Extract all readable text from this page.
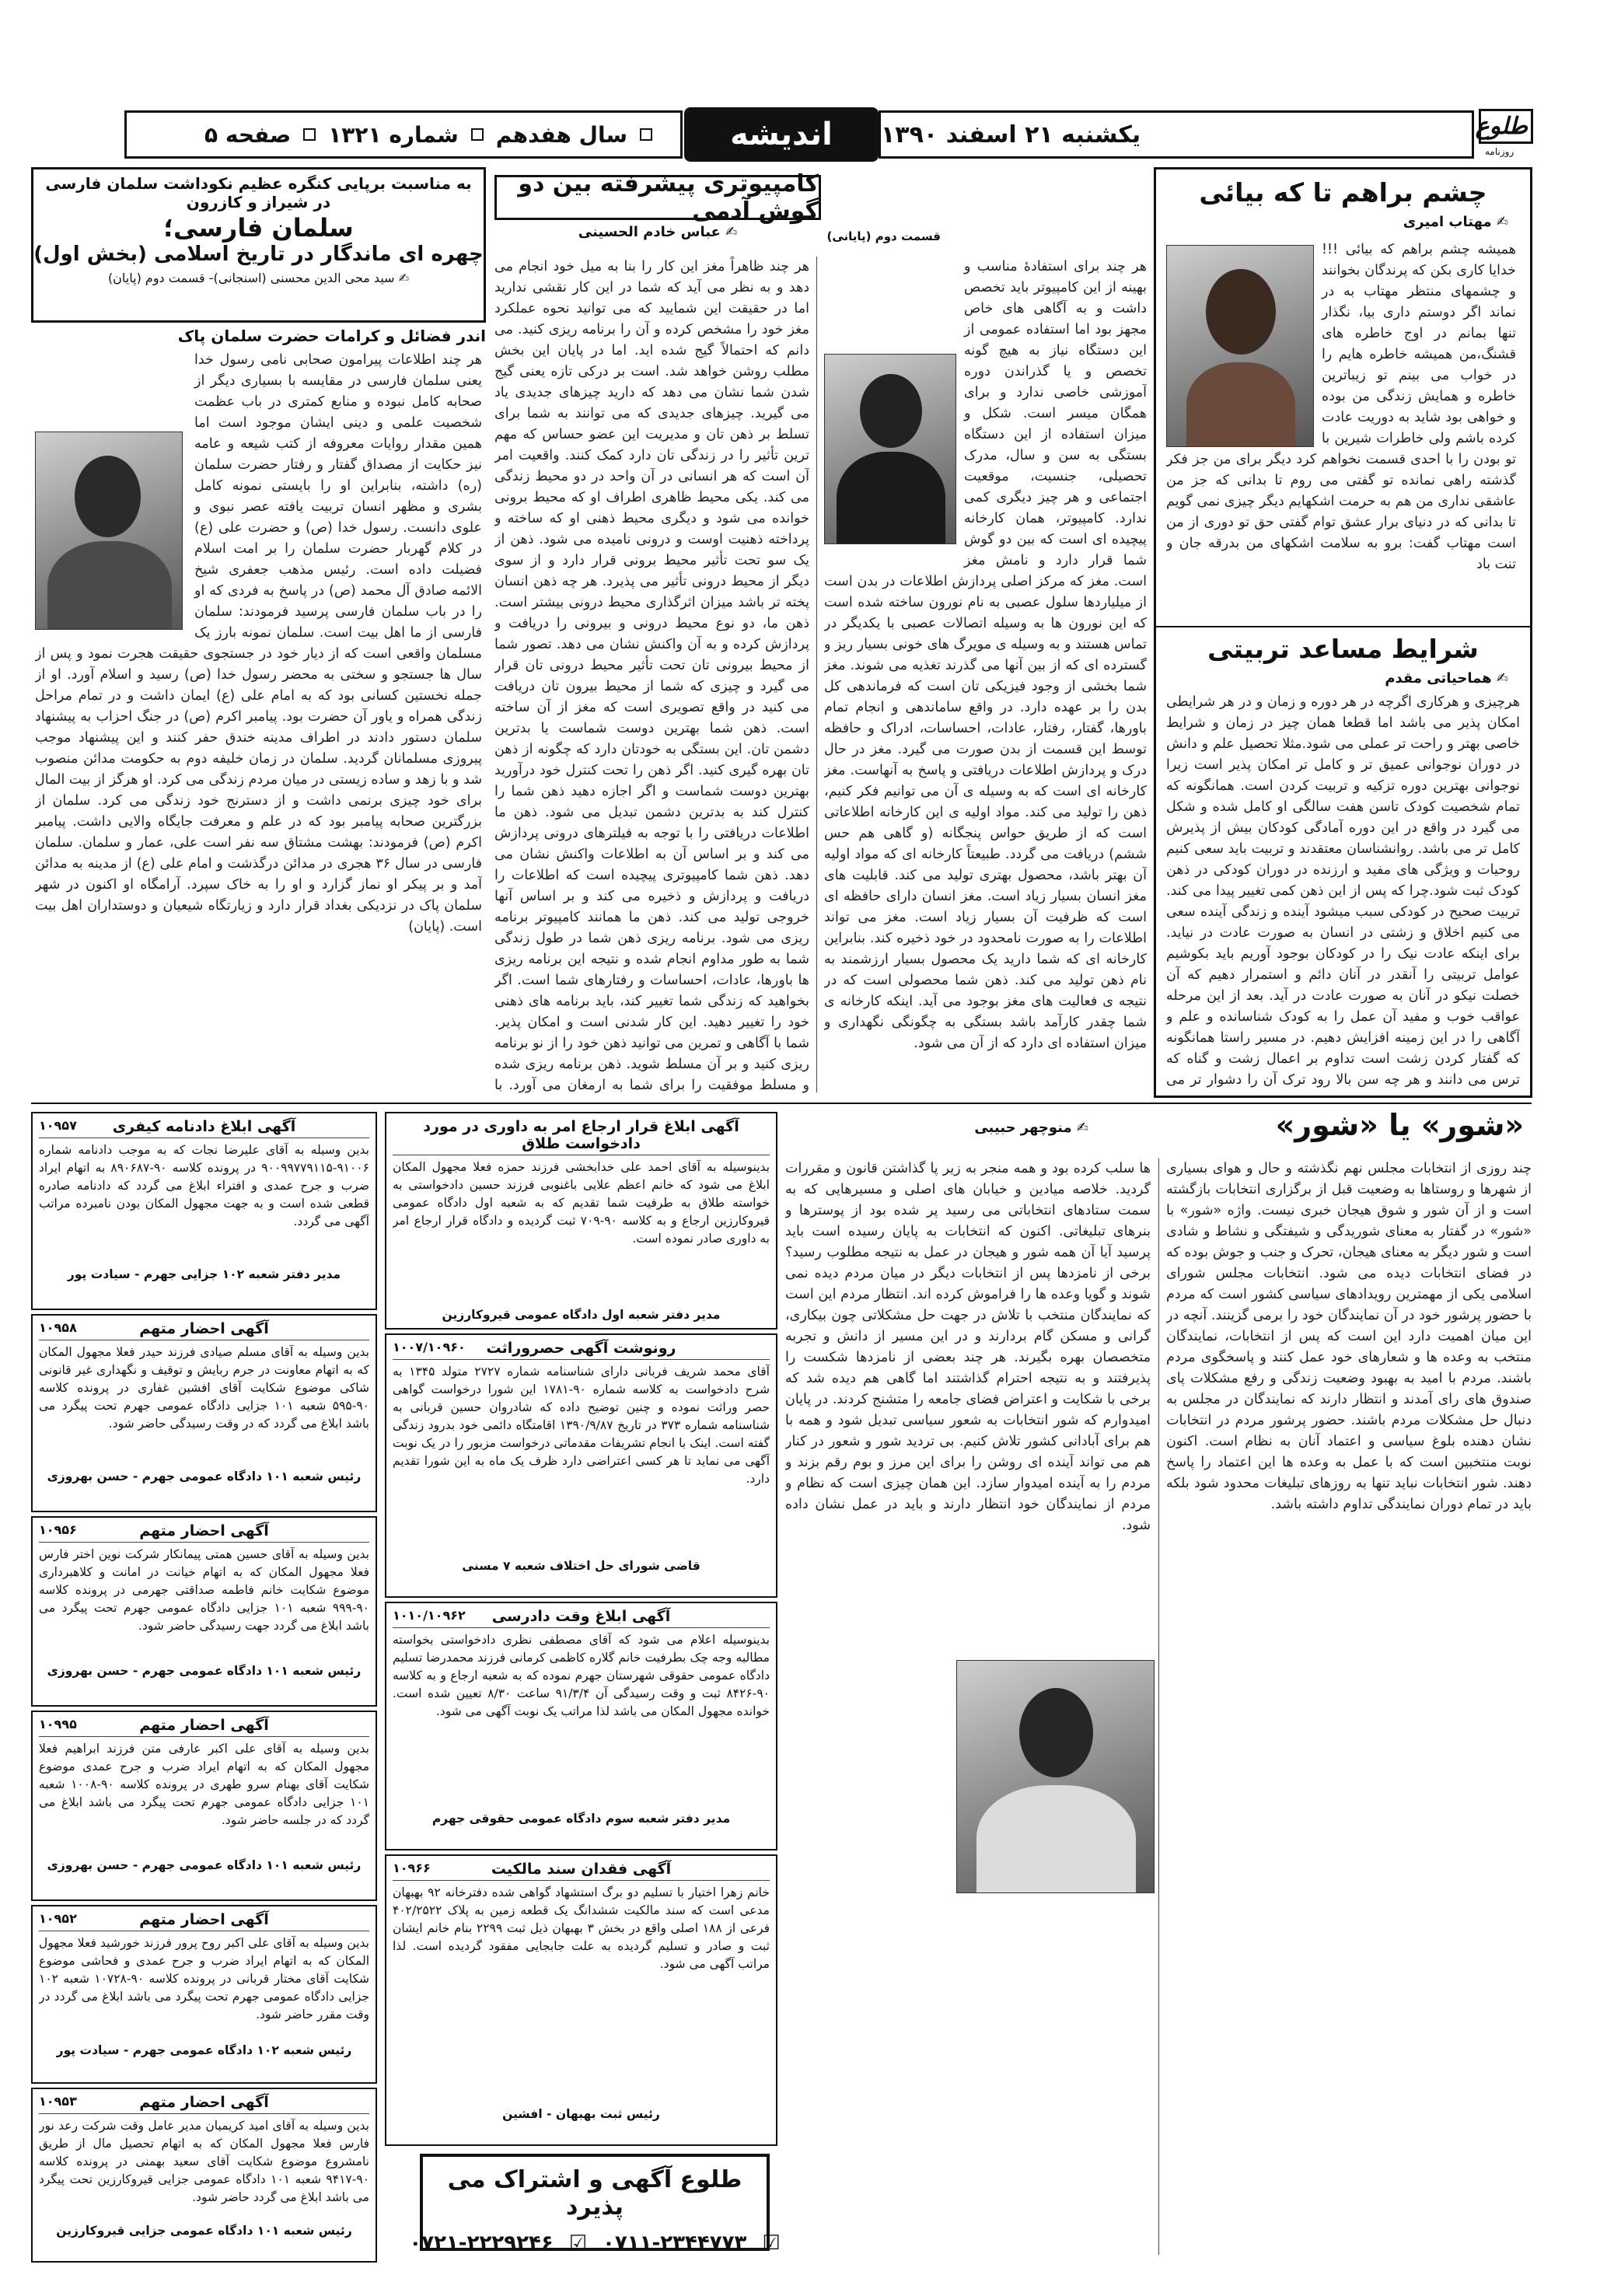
طلوع
روزنامه
یکشنبه ۲۱ اسفند ۱۳۹۰
اندیشه
سال هفدهم
شماره ۱۳۲۱
صفحه ۵
چشم براهم تا که بیائی
✍ مهتاب امیری
همیشه چشم براهم که بیائی !!! خدایا کاری بکن که پرندگان بخوانند و چشمهای منتظر مهتاب به در نماند اگر دوستم داری بیا، نگذار تنها بمانم در اوج خاطره های قشنگ،من همیشه خاطره هایم را در خواب می بینم تو زیباترین خاطره و همایش زندگی من بوده و خواهی بود شاید به دوریت عادت کرده باشم ولی خاطرات شیرین با تو بودن را با احدی قسمت نخواهم کرد دیگر برای من جز فکر گذشته راهی نمانده تو گفتی می روم تا بدانی که جز من عاشقی نداری من هم به حرمت اشکهایم دیگر چیزی نمی گویم تا بدانی که در دنیای برار عشق توام گفتی حق تو دوری از من است مهتاب گفت: برو به سلامت اشکهای من بدرقه جان و تنت باد
شرایط مساعد تربیتی
✍ هماحیاتی مقدم
هرچیزی و هرکاری اگرچه در هر دوره و زمان و در هر شرایطی امکان پذیر می باشد اما قطعا همان چیز در زمان و شرایط خاصی بهتر و راحت تر عملی می شود.مثلا تحصیل علم و دانش در دوران نوجوانی عمیق تر و کامل تر امکان پذیر است زیرا نوجوانی بهترین دوره تزکیه و تربیت کردن است. همانگونه که تمام شخصیت کودک تاسن هفت سالگی او کامل شده و شکل می گیرد در واقع در این دوره آمادگی کودکان بیش از پذیرش کامل تر می باشد. روانشناسان معتقدند و تربیت باید سعی کنیم روحیات و ویژگی های مفید و ارزنده در دوران کودکی در ذهن کودک ثبت شود.چرا که پس از این ذهن کمی تغییر پیدا می کند. تربیت صحیح در کودکی سبب میشود آینده و زندگی آینده سعی می کنیم اخلاق و زشتی در انسان به صورت عادت در نیاید. برای اینکه عادت نیک را در کودکان بوجود آوریم باید بکوشیم عوامل تربیتی را آنقدر در آنان دائم و استمرار دهیم که آن خصلت نیکو در آنان به صورت عادت در آید. بعد از این مرحله عواقب خوب و مفید آن عمل را به کودک شناسانده و علم و آگاهی را در این زمینه افزایش دهیم. در مسیر راستا همانگونه که گفتار کردن زشت است تداوم بر اعمال زشت و گناه که ترس می دانند و هر چه سن بالا رود ترک آن را دشوار تر می
کامپیوتری پیشرفته بین دو گوش آدمی
✍ عباس خادم الحسینی	قسمت دوم (پایانی)
هر چند برای استفادۀ مناسب و بهینه از این کامپیوتر باید تخصص داشت و به آگاهی های خاص مجهز بود اما استفاده عمومی از این دستگاه نیاز به هیچ گونه تخصص و یا گذراندن دوره آموزشی خاصی ندارد و برای همگان میسر است. شکل و میزان استفاده از این دستگاه بستگی به سن و سال، مدرک تحصیلی، جنسیت، موقعیت اجتماعی و هر چیز دیگری کمی ندارد. کامپیوتر، همان کارخانه پیچیده ای است که بین دو گوش شما قرار دارد و نامش مغز است. مغز که مرکز اصلی پردازش اطلاعات در بدن است از میلیاردها سلول عصبی به نام نورون ساخته شده است که این نورون ها به وسیله اتصالات عصبی با یکدیگر در تماس هستند و به وسیله ی مویرگ های خونی بسیار ریز و گسترده ای که از بین آنها می گذرند تغذیه می شوند. مغز شما بخشی از وجود فیزیکی تان است که فرماندهی کل بدن را بر عهده دارد. در واقع ساماندهی و انجام تمام باورها، گفتار، رفتار، عادات، احساسات، ادراک و حافظه توسط این قسمت از بدن صورت می گیرد. مغز در حال درک و پردازش اطلاعات دریافتی و پاسخ به آنهاست. مغز کارخانه ای است که به وسیله ی آن می توانیم فکر کنیم، ذهن را تولید می کند. مواد اولیه ی این کارخانه اطلاعاتی است که از طریق حواس پنجگانه (و گاهی هم حس ششم) دریافت می گردد. طبیعتاً کارخانه ای که مواد اولیه آن بهتر باشد، محصول بهتری تولید می کند. قابلیت های مغز انسان بسیار زیاد است. مغز انسان دارای حافظه ای است که ظرفیت آن بسیار زیاد است. مغز می تواند اطلاعات را به صورت نامحدود در خود ذخیره کند. بنابراین کارخانه ای که شما دارید یک محصول بسیار ارزشمند به نام ذهن تولید می کند. ذهن شما محصولی است که در نتیجه ی فعالیت های مغز بوجود می آید. اینکه کارخانه ی شما چقدر کارآمد باشد بستگی به چگونگی نگهداری و میزان استفاده ای دارد که از آن می شود.
هر چند ظاهراً مغز این کار را بنا به میل خود انجام می دهد و به نظر می آید که شما در این کار نقشی ندارید اما در حقیقت این شمایید که می توانید نحوه عملکرد مغز خود را مشخص کرده و آن را برنامه ریزی کنید. می دانم که احتمالاً گیج شده اید. اما در پایان این بخش مطلب روشن خواهد شد. است بر درکی تازه یعنی گیج شدن شما نشان می دهد که دارید چیزهای جدیدی یاد می گیرید. چیزهای جدیدی که می توانند به شما برای تسلط بر ذهن تان و مدیریت این عضو حساس که مهم ترین تأثیر را در زندگی تان دارد کمک کنند. واقعیت امر آن است که هر انسانی در آن واحد در دو محیط زندگی می کند. یکی محیط ظاهری اطراف او که محیط برونی خوانده می شود و دیگری محیط ذهنی او که ساخته و پرداخته ذهنیت اوست و درونی نامیده می شود. ذهن از یک سو تحت تأثیر محیط برونی قرار دارد و از سوی دیگر از محیط درونی تأثیر می پذیرد. هر چه ذهن انسان پخته تر باشد میزان اثرگذاری محیط درونی بیشتر است. ذهن ما، دو نوع محیط درونی و بیرونی را دریافت و پردازش کرده و به آن واکنش نشان می دهد. تصور شما از محیط بیرونی تان تحت تأثیر محیط درونی تان قرار می گیرد و چیزی که شما از محیط بیرون تان دریافت می کنید در واقع تصویری است که مغز از آن ساخته است. ذهن شما بهترین دوست شماست یا بدترین دشمن تان. این بستگی به خودتان دارد که چگونه از ذهن تان بهره گیری کنید. اگر ذهن را تحت کنترل خود درآورید بهترین دوست شماست و اگر اجازه دهید ذهن شما را کنترل کند به بدترین دشمن تبدیل می شود. ذهن ما اطلاعات دریافتی را با توجه به فیلترهای درونی پردازش می کند و بر اساس آن به اطلاعات واکنش نشان می دهد. ذهن شما کامپیوتری پیچیده است که اطلاعات را دریافت و پردازش و ذخیره می کند و بر اساس آنها خروجی تولید می کند. ذهن ما همانند کامپیوتر برنامه ریزی می شود. برنامه ریزی ذهن شما در طول زندگی شما به طور مداوم انجام شده و نتیجه این برنامه ریزی ها باورها، عادات، احساسات و رفتارهای شما است. اگر بخواهید که زندگی شما تغییر کند، باید برنامه های ذهنی خود را تغییر دهید. این کار شدنی است و امکان پذیر. شما با آگاهی و تمرین می توانید ذهن خود را از نو برنامه ریزی کنید و بر آن مسلط شوید. ذهن برنامه ریزی شده و مسلط موفقیت را برای شما به ارمغان می آورد. با
به مناسبت برپایی کنگره عظیم نکوداشت سلمان فارسی
در شیراز و کازرون
سلمان فارسی؛
چهره ای ماندگار در تاریخ اسلامی (بخش اول)
✍ سید محی الدین محسنی (اسنجانی)- قسمت دوم (پایان)
اندر فضائل و کرامات حضرت سلمان پاک
هر چند اطلاعات پیرامون صحابی نامی رسول خدا یعنی سلمان فارسی در مقایسه با بسیاری دیگر از صحابه کامل نبوده و منابع کمتری در باب عظمت شخصیت علمی و دینی ایشان موجود است اما همین مقدار روایات معروفه از کتب شیعه و عامه نیز حکایت از مصداق گفتار و رفتار حضرت سلمان (ره) داشته، بنابراین او را بایستی نمونه کامل بشری و مظهر انسان تربیت یافته عصر نبوی و علوی دانست. رسول خدا (ص) و حضرت علی (ع) در کلام گهربار حضرت سلمان را بر امت اسلام فضیلت داده است. رئیس مذهب جعفری شیخ الائمه صادق آل محمد (ص) در پاسخ به فردی که او را در باب سلمان فارسی پرسید فرمودند: سلمان فارسی از ما اهل بیت است. سلمان نمونه بارز یک مسلمان واقعی است که از دیار خود در جستجوی حقیقت هجرت نمود و پس از سال ها جستجو و سختی به محضر رسول خدا (ص) رسید و اسلام آورد. او از جمله نخستین کسانی بود که به امام علی (ع) ایمان داشت و در تمام مراحل زندگی همراه و یاور آن حضرت بود. پیامبر اکرم (ص) در جنگ احزاب به پیشنهاد سلمان دستور دادند در اطراف مدینه خندق حفر کنند و این پیشنهاد موجب پیروزی مسلمانان گردید. سلمان در زمان خلیفه دوم به حکومت مدائن منصوب شد و با زهد و ساده زیستی در میان مردم زندگی می کرد. او هرگز از بیت المال برای خود چیزی برنمی داشت و از دسترنج خود زندگی می کرد. سلمان از بزرگترین صحابه پیامبر بود که در علم و معرفت جایگاه والایی داشت. پیامبر اکرم (ص) فرمودند: بهشت مشتاق سه نفر است علی، عمار و سلمان. سلمان فارسی در سال ۳۶ هجری در مدائن درگذشت و امام علی (ع) از مدینه به مدائن آمد و بر پیکر او نماز گزارد و او را به خاک سپرد. آرامگاه او اکنون در شهر سلمان پاک در نزدیکی بغداد قرار دارد و زیارتگاه شیعیان و دوستداران اهل بیت است. (پایان)
«شور» یا «شور»
✍ منوچهر حبیبی
چند روزی از انتخابات مجلس نهم نگذشته و حال و هوای بسیاری از شهرها و روستاها به وضعیت قبل از برگزاری انتخابات بازگشته است و از آن شور و شوق هیجان خبری نیست. واژه «شور» با «شور» در گفتار به معنای شوریدگی و شیفتگی و نشاط و شادی است و شور دیگر به معنای هیجان، تحرک و جنب و جوش بوده که در فضای انتخابات دیده می شود. انتخابات مجلس شورای اسلامی یکی از مهمترین رویدادهای سیاسی کشور است که مردم با حضور پرشور خود در آن نمایندگان خود را برمی گزینند. آنچه در این میان اهمیت دارد این است که پس از انتخابات، نمایندگان منتخب به وعده ها و شعارهای خود عمل کنند و پاسخگوی مردم باشند. مردم با امید به بهبود وضعیت زندگی و رفع مشکلات پای صندوق های رای آمدند و انتظار دارند که نمایندگان در مجلس به دنبال حل مشکلات مردم باشند. حضور پرشور مردم در انتخابات نشان دهنده بلوغ سیاسی و اعتماد آنان به نظام است. اکنون نوبت منتخبین است که با عمل به وعده ها این اعتماد را پاسخ دهند. شور انتخابات نباید تنها به روزهای تبلیغات محدود شود بلکه باید در تمام دوران نمایندگی تداوم داشته باشد.
ها سلب کرده بود و همه منجر به زیر پا گذاشتن قانون و مقررات گردید. خلاصه میادین و خیابان های اصلی و مسیرهایی که به سمت ستادهای انتخاباتی می رسید پر شده بود از پوسترها و بنرهای تبلیغاتی. اکنون که انتخابات به پایان رسیده است باید پرسید آیا آن همه شور و هیجان در عمل به نتیجه مطلوب رسید؟ برخی از نامزدها پس از انتخابات دیگر در میان مردم دیده نمی شوند و گویا وعده ها را فراموش کرده اند. انتظار مردم این است که نمایندگان منتخب با تلاش در جهت حل مشکلاتی چون بیکاری، گرانی و مسکن گام بردارند و در این مسیر از دانش و تجربه متخصصان بهره بگیرند. هر چند بعضی از نامزدها شکست را پذیرفتند و به نتیجه احترام گذاشتند اما گاهی هم دیده شد که برخی با شکایت و اعتراض فضای جامعه را متشنج کردند. در پایان امیدوارم که شور انتخابات به شعور سیاسی تبدیل شود و همه با هم برای آبادانی کشور تلاش کنیم. بی تردید شور و شعور در کنار هم می تواند آینده ای روشن را برای این مرز و بوم رقم بزند و مردم را به آینده امیدوار سازد. این همان چیزی است که نظام و مردم از نمایندگان خود انتظار دارند و باید در عمل نشان داده شود.
۱۰۹۵۷	آگهی ابلاغ دادنامه کیفری
بدین وسیله به آقای علیرضا نجات که به موجب دادنامه شماره ۹۱۰۰۶-۹۰۰۹۹۷۷۹۱۱۵ در پرونده کلاسه ۹۰-۸۹۰۶۸۷ به اتهام ایراد ضرب و جرح عمدی و افتراء ابلاغ می گردد که دادنامه صادره قطعی شده است و به جهت مجهول المکان بودن نامبرده مراتب آگهی می گردد.
مدیر دفتر شعبه ۱۰۲ جزایی جهرم - سیادت پور
۱۰۹۵۸	آگهی احضار متهم
بدین وسیله به آقای مسلم صیادی فرزند حیدر فعلا مجهول المکان که به اتهام معاونت در جرم ربایش و توقیف و نگهداری غیر قانونی شاکی موضوع شکایت آقای افشین غفاری در پرونده کلاسه ۹۰-۵۹۵ شعبه ۱۰۱ جزایی دادگاه عمومی جهرم تحت پیگرد می باشد ابلاغ می گردد که در وقت رسیدگی حاضر شود.
رئیس شعبه ۱۰۱ دادگاه عمومی جهرم - حسن بهروزی
۱۰۹۵۶	آگهی احضار متهم
بدین وسیله به آقای حسین همتی پیمانکار شرکت نوین اختر فارس فعلا مجهول المکان که به اتهام خیانت در امانت و کلاهبرداری موضوع شکایت خانم فاطمه صداقتی جهرمی در پرونده کلاسه ۹۰-۹۹۹ شعبه ۱۰۱ جزایی دادگاه عمومی جهرم تحت پیگرد می باشد ابلاغ می گردد جهت رسیدگی حاضر شود.
رئیس شعبه ۱۰۱ دادگاه عمومی جهرم - حسن بهروزی
۱۰۹۹۵	آگهی احضار متهم
بدین وسیله به آقای علی اکبر عارفی متن فرزند ابراهیم فعلا مجهول المکان که به اتهام ایراد ضرب و جرح عمدی موضوع شکایت آقای بهنام سرو طهری در پرونده کلاسه ۹۰-۱۰۰۸ شعبه ۱۰۱ جزایی دادگاه عمومی جهرم تحت پیگرد می باشد ابلاغ می گردد که در جلسه حاضر شود.
رئیس شعبه ۱۰۱ دادگاه عمومی جهرم - حسن بهروزی
۱۰۹۵۲	آگهی احضار متهم
بدین وسیله به آقای علی اکبر روح پرور فرزند خورشید فعلا مجهول المکان که به اتهام ایراد ضرب و جرح عمدی و فحاشی موضوع شکایت آقای مختار قربانی در پرونده کلاسه ۹۰-۱۰۷۲۸ شعبه ۱۰۲ جزایی دادگاه عمومی جهرم تحت پیگرد می باشد ابلاغ می گردد در وقت مقرر حاضر شود.
رئیس شعبه ۱۰۲ دادگاه عمومی جهرم - سیادت پور
۱۰۹۵۳	آگهی احضار متهم
بدین وسیله به آقای امید کریمیان مدیر عامل وقت شرکت رعد نور فارس فعلا مجهول المکان که به اتهام تحصیل مال از طریق نامشروع موضوع شکایت آقای سعید بهمنی در پرونده کلاسه ۹۰-۹۴۱۷ شعبه ۱۰۱ دادگاه عمومی جزایی قیروکارزین تحت پیگرد می باشد ابلاغ می گردد حاضر شود.
رئیس شعبه ۱۰۱ دادگاه عمومی جزایی قیروکارزین
آگهی ابلاغ قرار ارجاع امر به داوری در مورد دادخواست طلاق
بدینوسیله به آقای احمد علی خدابخشی فرزند حمزه فعلا مجهول المکان ابلاغ می شود که خانم اعظم علایی باغنوبی فرزند حسین دادخواستی به خواسته طلاق به طرفیت شما تقدیم که به شعبه اول دادگاه عمومی قیروکارزین ارجاع و به کلاسه ۹۰-۷۰۹ ثبت گردیده و دادگاه قرار ارجاع امر به داوری صادر نموده است.
مدیر دفتر شعبه اول دادگاه عمومی قیروکارزین
۱۰۰۷/۱۰۹۶۰	رونوشت آگهی حصروراثت
آقای محمد شریف فربانی دارای شناسنامه شماره ۲۷۲۷ متولد ۱۳۴۵ به شرح دادخواست به کلاسه شماره ۹۰-۱۷۸۱ این شورا درخواست گواهی حصر وراثت نموده و چنین توضیح داده که شادروان حسین قربانی به شناسنامه شماره ۳۷۳ در تاریخ ۱۳۹۰/۹/۸۷ اقامتگاه دائمی خود بدرود زندگی گفته است. اینک با انجام تشریفات مقدماتی درخواست مزبور را در یک نوبت آگهی می نماید تا هر کسی اعتراضی دارد ظرف یک ماه به این شورا تقدیم دارد.
قاضی شورای حل اختلاف شعبه ۷ مسنی
۱۰۱۰/۱۰۹۶۲	آگهی ابلاغ وقت دادرسی
بدینوسیله اعلام می شود که آقای مصطفی نظری دادخواستی بخواسته مطالبه وجه چک بطرفیت خانم گلاره کاظمی کرمانی فرزند محمدرضا تسلیم دادگاه عمومی حقوقی شهرستان جهرم نموده که به شعبه ارجاع و به کلاسه ۹۰-۸۴۲۶ ثبت و وقت رسیدگی آن ۹۱/۳/۴ ساعت ۸/۳۰ تعیین شده است. خوانده مجهول المکان می باشد لذا مراتب یک نوبت آگهی می شود.
مدیر دفتر شعبه سوم دادگاه عمومی حقوقی جهرم
۱۰۹۶۶	آگهی فقدان سند مالکیت
خانم زهرا اختیار با تسلیم دو برگ استشهاد گواهی شده دفترخانه ۹۲ بهبهان مدعی است که سند مالکیت ششدانگ یک قطعه زمین به پلاک ۴۰۲/۲۵۲۲ فرعی از ۱۸۸ اصلی واقع در بخش ۳ بهبهان ذیل ثبت ۲۲۹۹ بنام خانم ایشان ثبت و صادر و تسلیم گردیده به علت جابجایی مفقود گردیده است. لذا مراتب آگهی می شود.
رئیس ثبت بهبهان - افشین
طلوع آگهی و اشتراک می پذیرد
☑
۰۷۱۱-۲۳۴۴۷۷۳
☑
۰۷۲۱-۲۲۲۹۲۴۶
